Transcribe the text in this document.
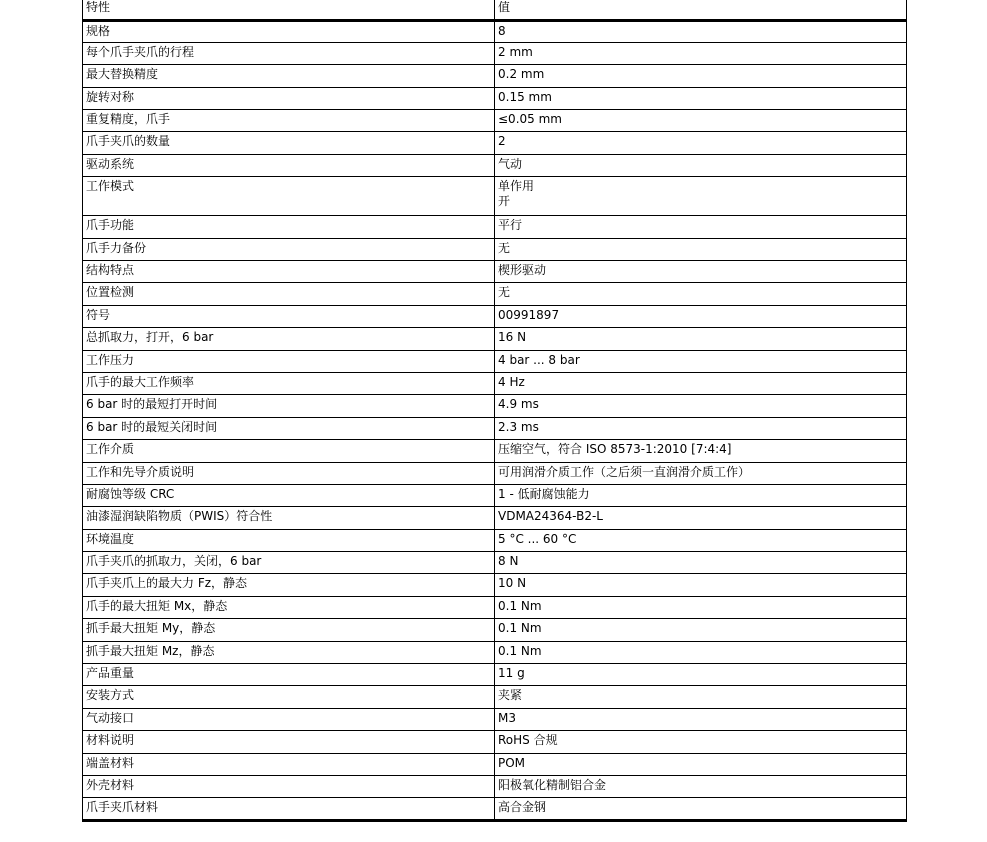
特性	值
规格	8
每个爪手夹爪的行程	2 mm
最大替换精度	0.2 mm
旋转对称	0.15 mm
重复精度，爪手	≤0.05 mm
爪手夹爪的数量	2
驱动系统	气动
工作模式	单作用
开
爪手功能	平行
爪手力备份	无
结构特点	楔形驱动
位置检测	无
符号	00991897
总抓取力，打开，6 bar	16 N
工作压力	4 bar ... 8 bar
爪手的最大工作频率	4 Hz
6 bar 时的最短打开时间	4.9 ms
6 bar 时的最短关闭时间	2.3 ms
工作介质	压缩空气，符合 ISO 8573-1:2010 [7:4:4]
工作和先导介质说明	可用润滑介质工作（之后须一直润滑介质工作）
耐腐蚀等级 CRC	1 - 低耐腐蚀能力
油漆湿润缺陷物质（PWIS）符合性	VDMA24364-B2-L
环境温度	5 °C ... 60 °C
爪手夹爪的抓取力，关闭，6 bar	8 N
爪手夹爪上的最大力 Fz，静态	10 N
爪手的最大扭矩 Mx，静态	0.1 Nm
抓手最大扭矩 My，静态	0.1 Nm
抓手最大扭矩 Mz，静态	0.1 Nm
产品重量	11 g
安装方式	夹紧
气动接口	M3
材料说明	RoHS 合规
端盖材料	POM
外壳材料	阳极氧化精制铝合金
爪手夹爪材料	高合金钢
